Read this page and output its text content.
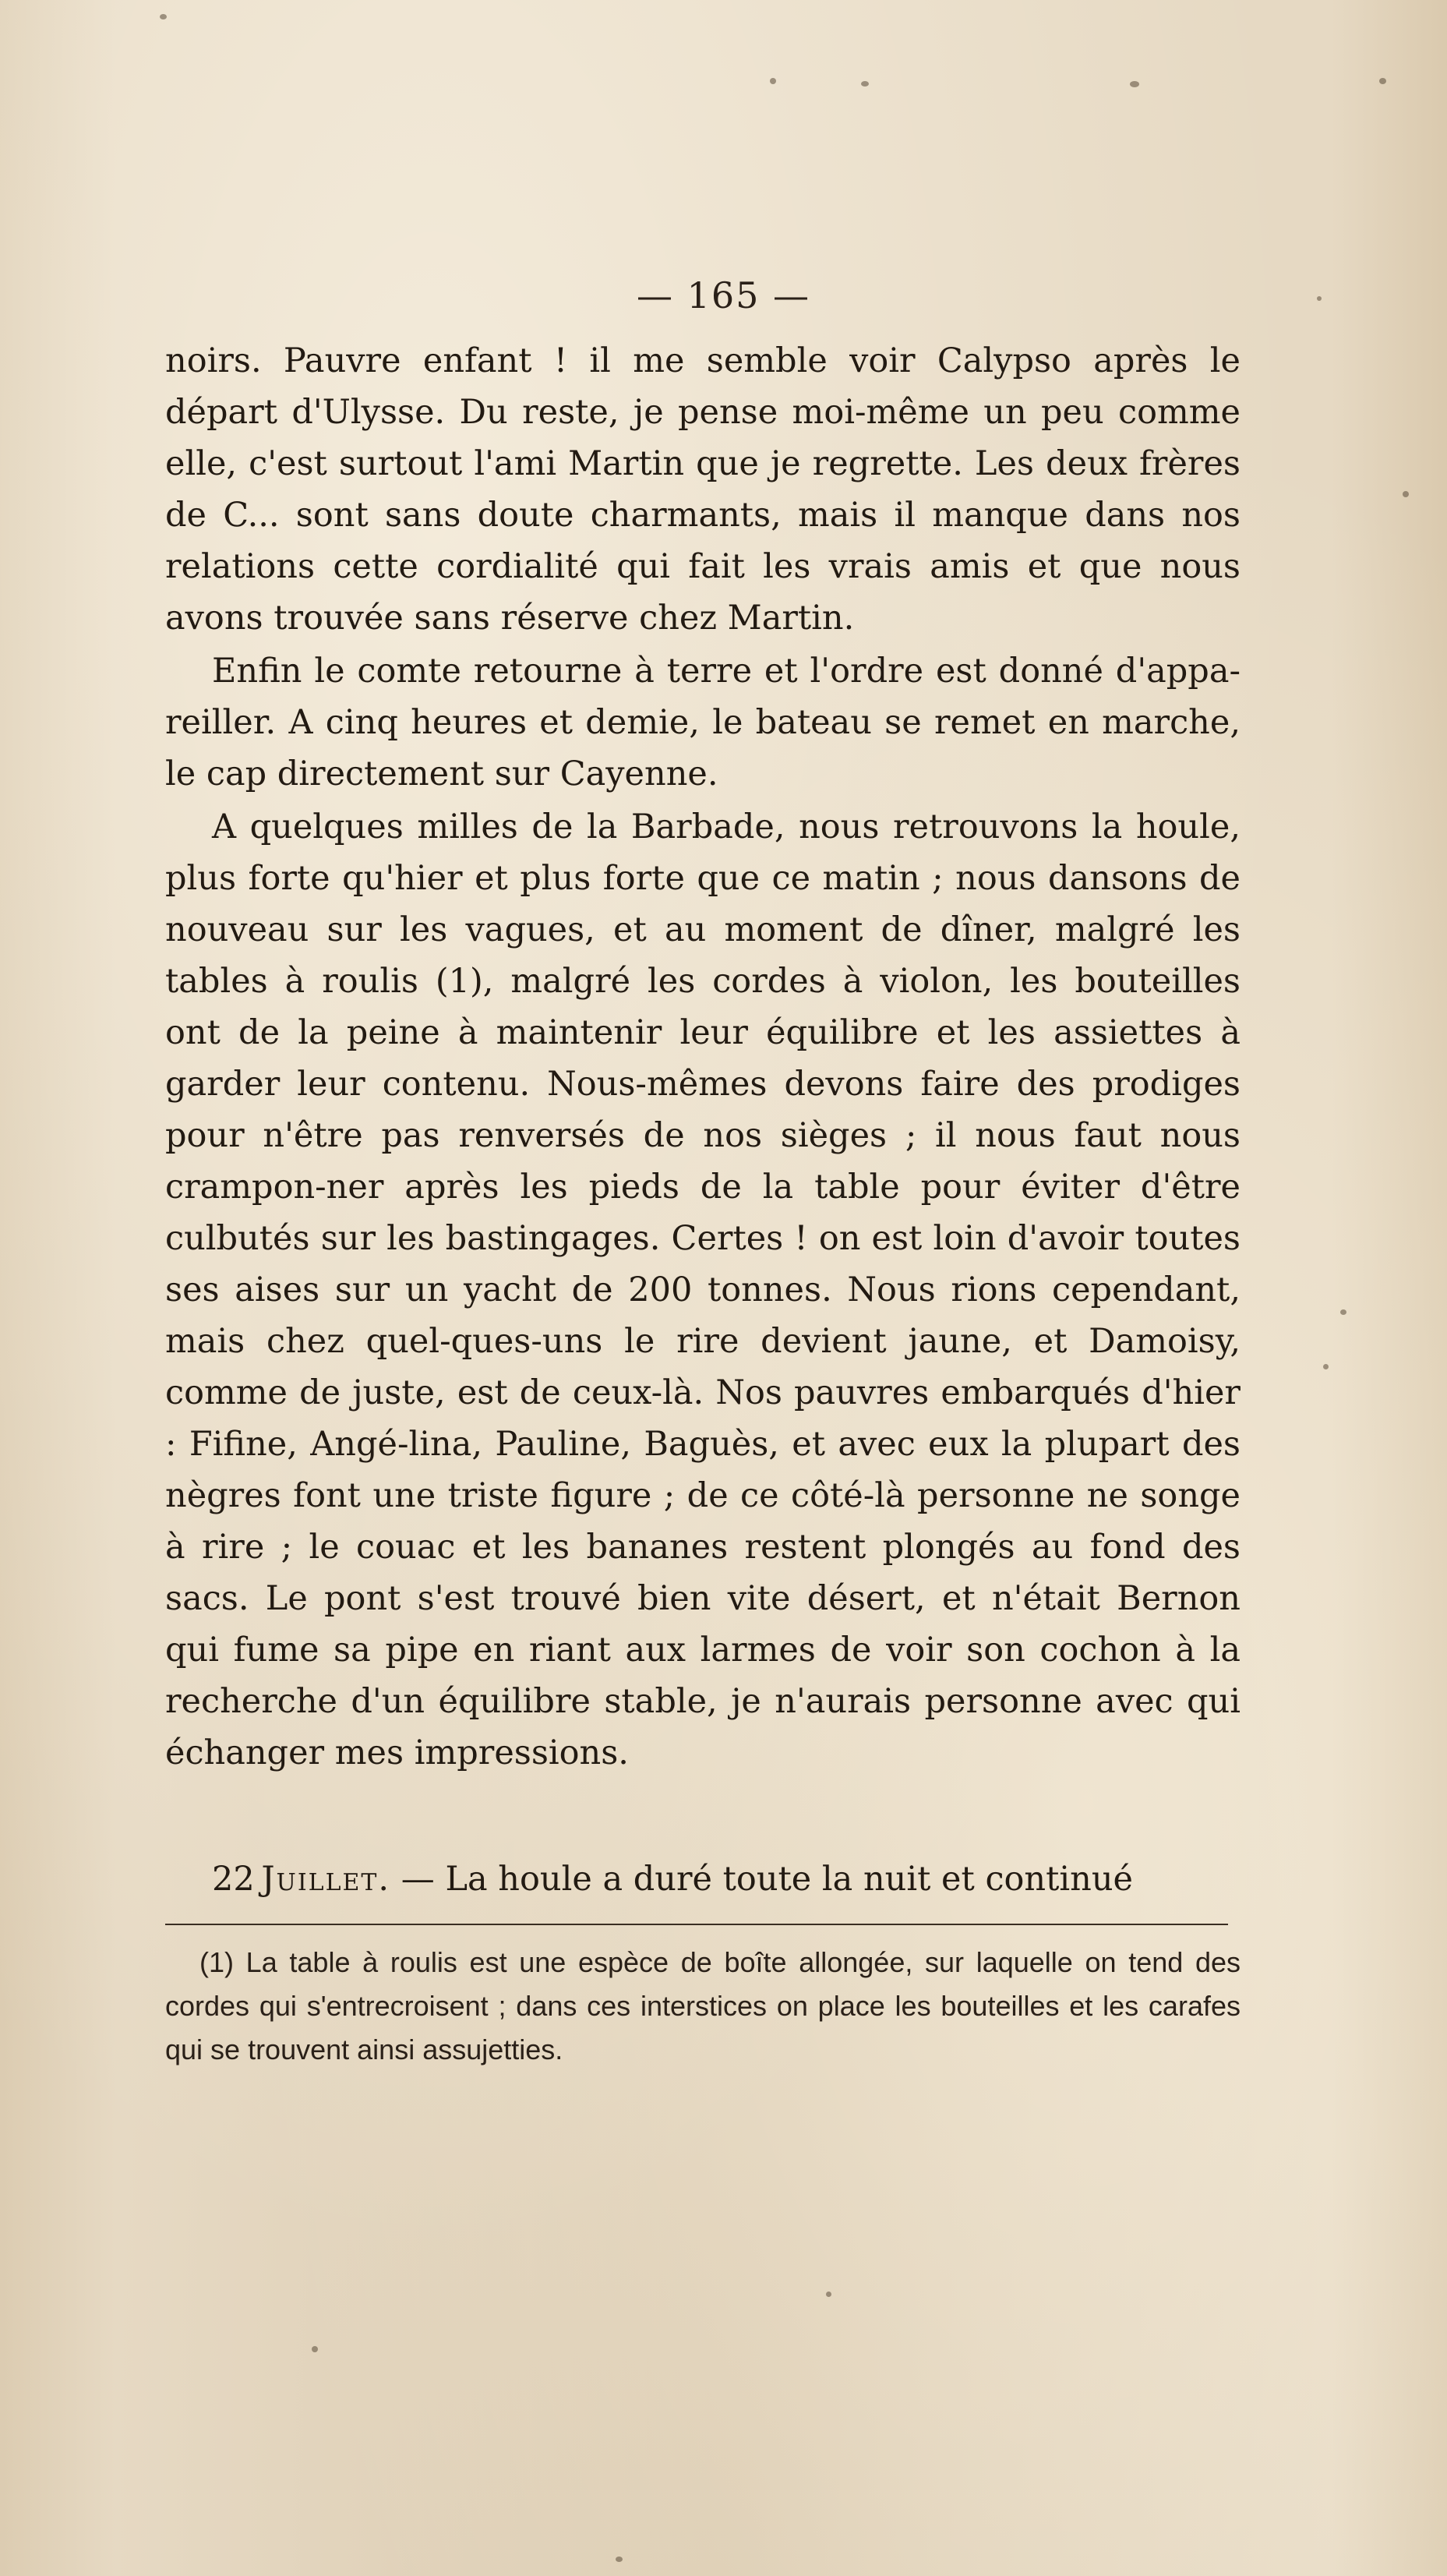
— 165 —

noirs. Pauvre enfant ! il me semble voir Calypso après le départ d'Ulysse. Du reste, je pense moi-même un peu comme elle, c'est surtout l'ami Martin que je regrette. Les deux frères de C... sont sans doute charmants, mais il manque dans nos relations cette cordialité qui fait les vrais amis et que nous avons trouvée sans réserve chez Martin.

Enfin le comte retourne à terre et l'ordre est donné d'appa-reiller. A cinq heures et demie, le bateau se remet en marche, le cap directement sur Cayenne.

A quelques milles de la Barbade, nous retrouvons la houle, plus forte qu'hier et plus forte que ce matin ; nous dansons de nouveau sur les vagues, et au moment de dîner, malgré les tables à roulis (1), malgré les cordes à violon, les bouteilles ont de la peine à maintenir leur équilibre et les assiettes à garder leur contenu. Nous-mêmes devons faire des prodiges pour n'être pas renversés de nos sièges ; il nous faut nous crampon-ner après les pieds de la table pour éviter d'être culbutés sur les bastingages. Certes ! on est loin d'avoir toutes ses aises sur un yacht de 200 tonnes. Nous rions cependant, mais chez quel-ques-uns le rire devient jaune, et Damoisy, comme de juste, est de ceux-là. Nos pauvres embarqués d'hier : Fifine, Angé-lina, Pauline, Baguès, et avec eux la plupart des nègres font une triste figure ; de ce côté-là personne ne songe à rire ; le couac et les bananes restent plongés au fond des sacs. Le pont s'est trouvé bien vite désert, et n'était Bernon qui fume sa pipe en riant aux larmes de voir son cochon à la recherche d'un équilibre stable, je n'aurais personne avec qui échanger mes impressions.

22  Juillet. — La houle a duré toute la nuit et continué
(1) La table à roulis est une espèce de boîte allongée, sur laquelle on tend des cordes qui s'entrecroisent ; dans ces interstices on place les bouteilles et les carafes qui se trouvent ainsi assujetties.
